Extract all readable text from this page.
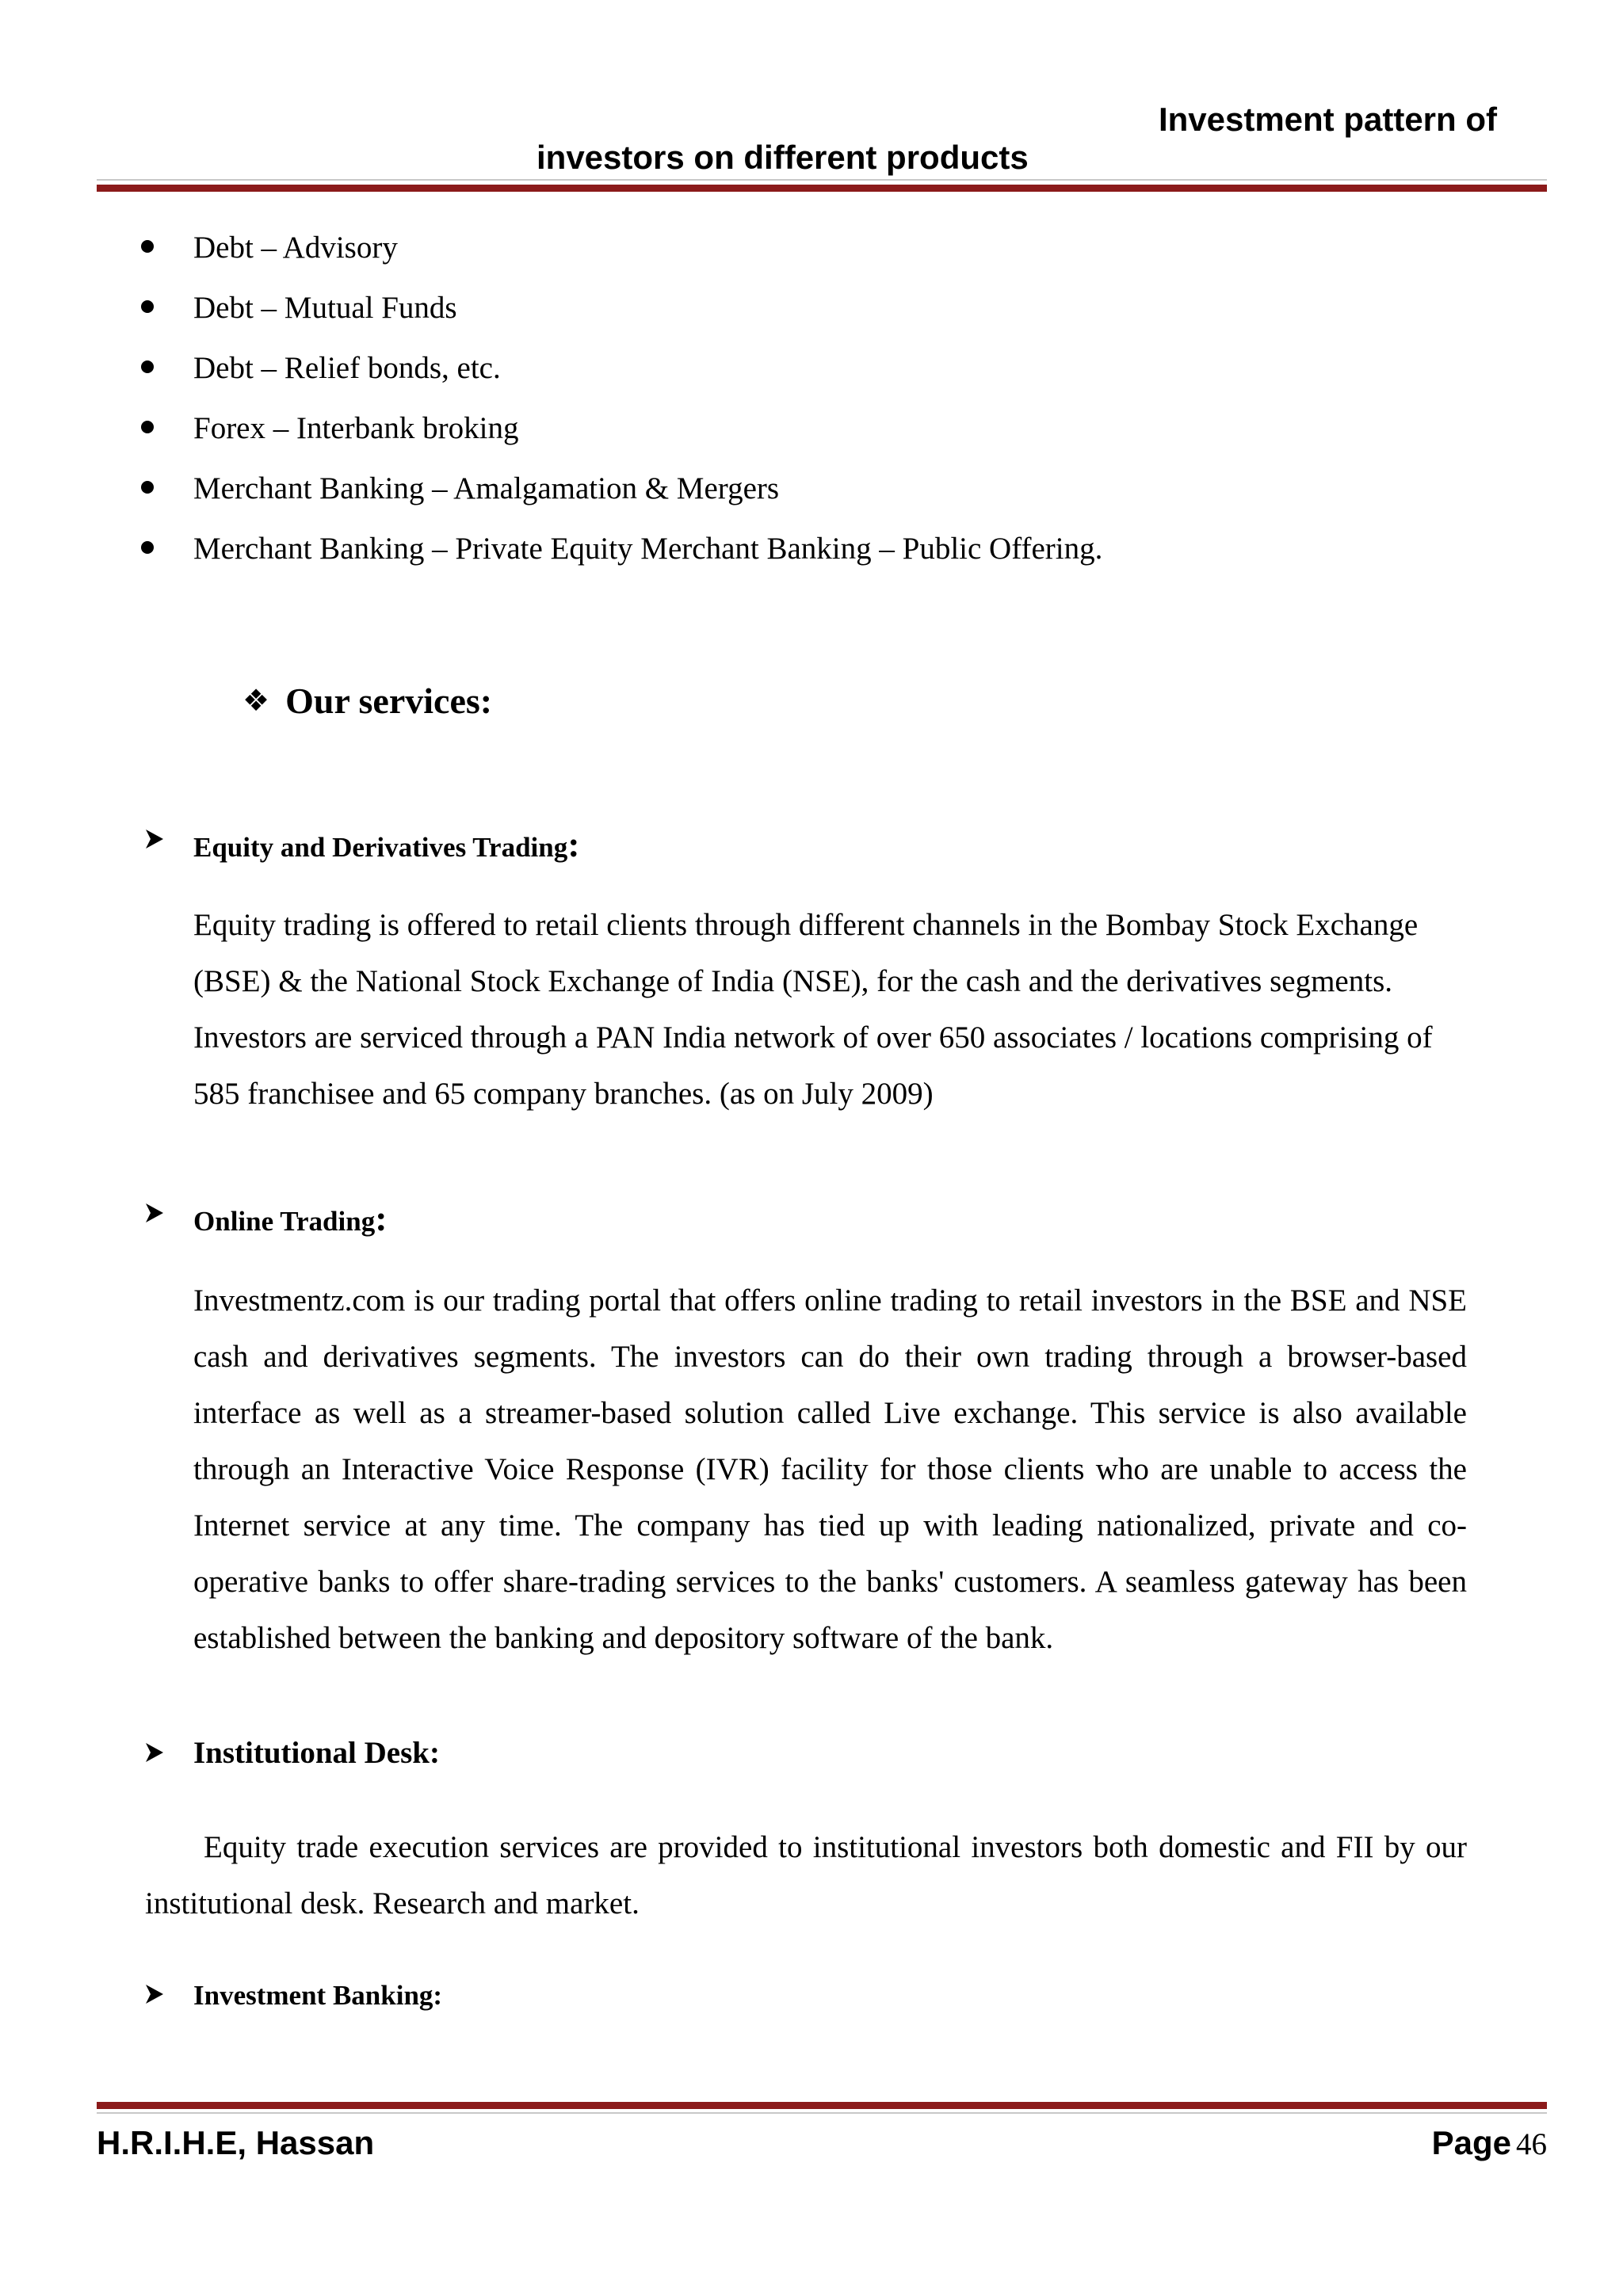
Investment pattern of
investors on different products
Debt – Advisory
Debt – Mutual Funds
Debt – Relief bonds, etc.
Forex – Interbank broking
Merchant Banking – Amalgamation & Mergers
Merchant Banking – Private Equity Merchant Banking – Public Offering.
❖ Our services:
Equity and Derivatives Trading:
Equity trading is offered to retail clients through different channels in the Bombay Stock Exchange (BSE) & the National Stock Exchange of India (NSE), for the cash and the derivatives segments. Investors are serviced through a PAN India network of over 650 associates / locations comprising of 585 franchisee and 65 company branches. (as on July 2009)
Online Trading:
Investmentz.com is our trading portal that offers online trading to retail investors in the BSE and NSE cash and derivatives segments. The investors can do their own trading through a browser-based interface as well as a streamer-based solution called Live exchange. This service is also available through an Interactive Voice Response (IVR) facility for those clients who are unable to access the Internet service at any time. The company has tied up with leading nationalized, private and co-operative banks to offer share-trading services to the banks' customers. A seamless gateway has been established between the banking and depository software of the bank.
Institutional Desk:
Equity trade execution services are provided to institutional investors both domestic and FII by our institutional desk. Research and market.
Investment Banking:
H.R.I.H.E, Hassan	Page 46
